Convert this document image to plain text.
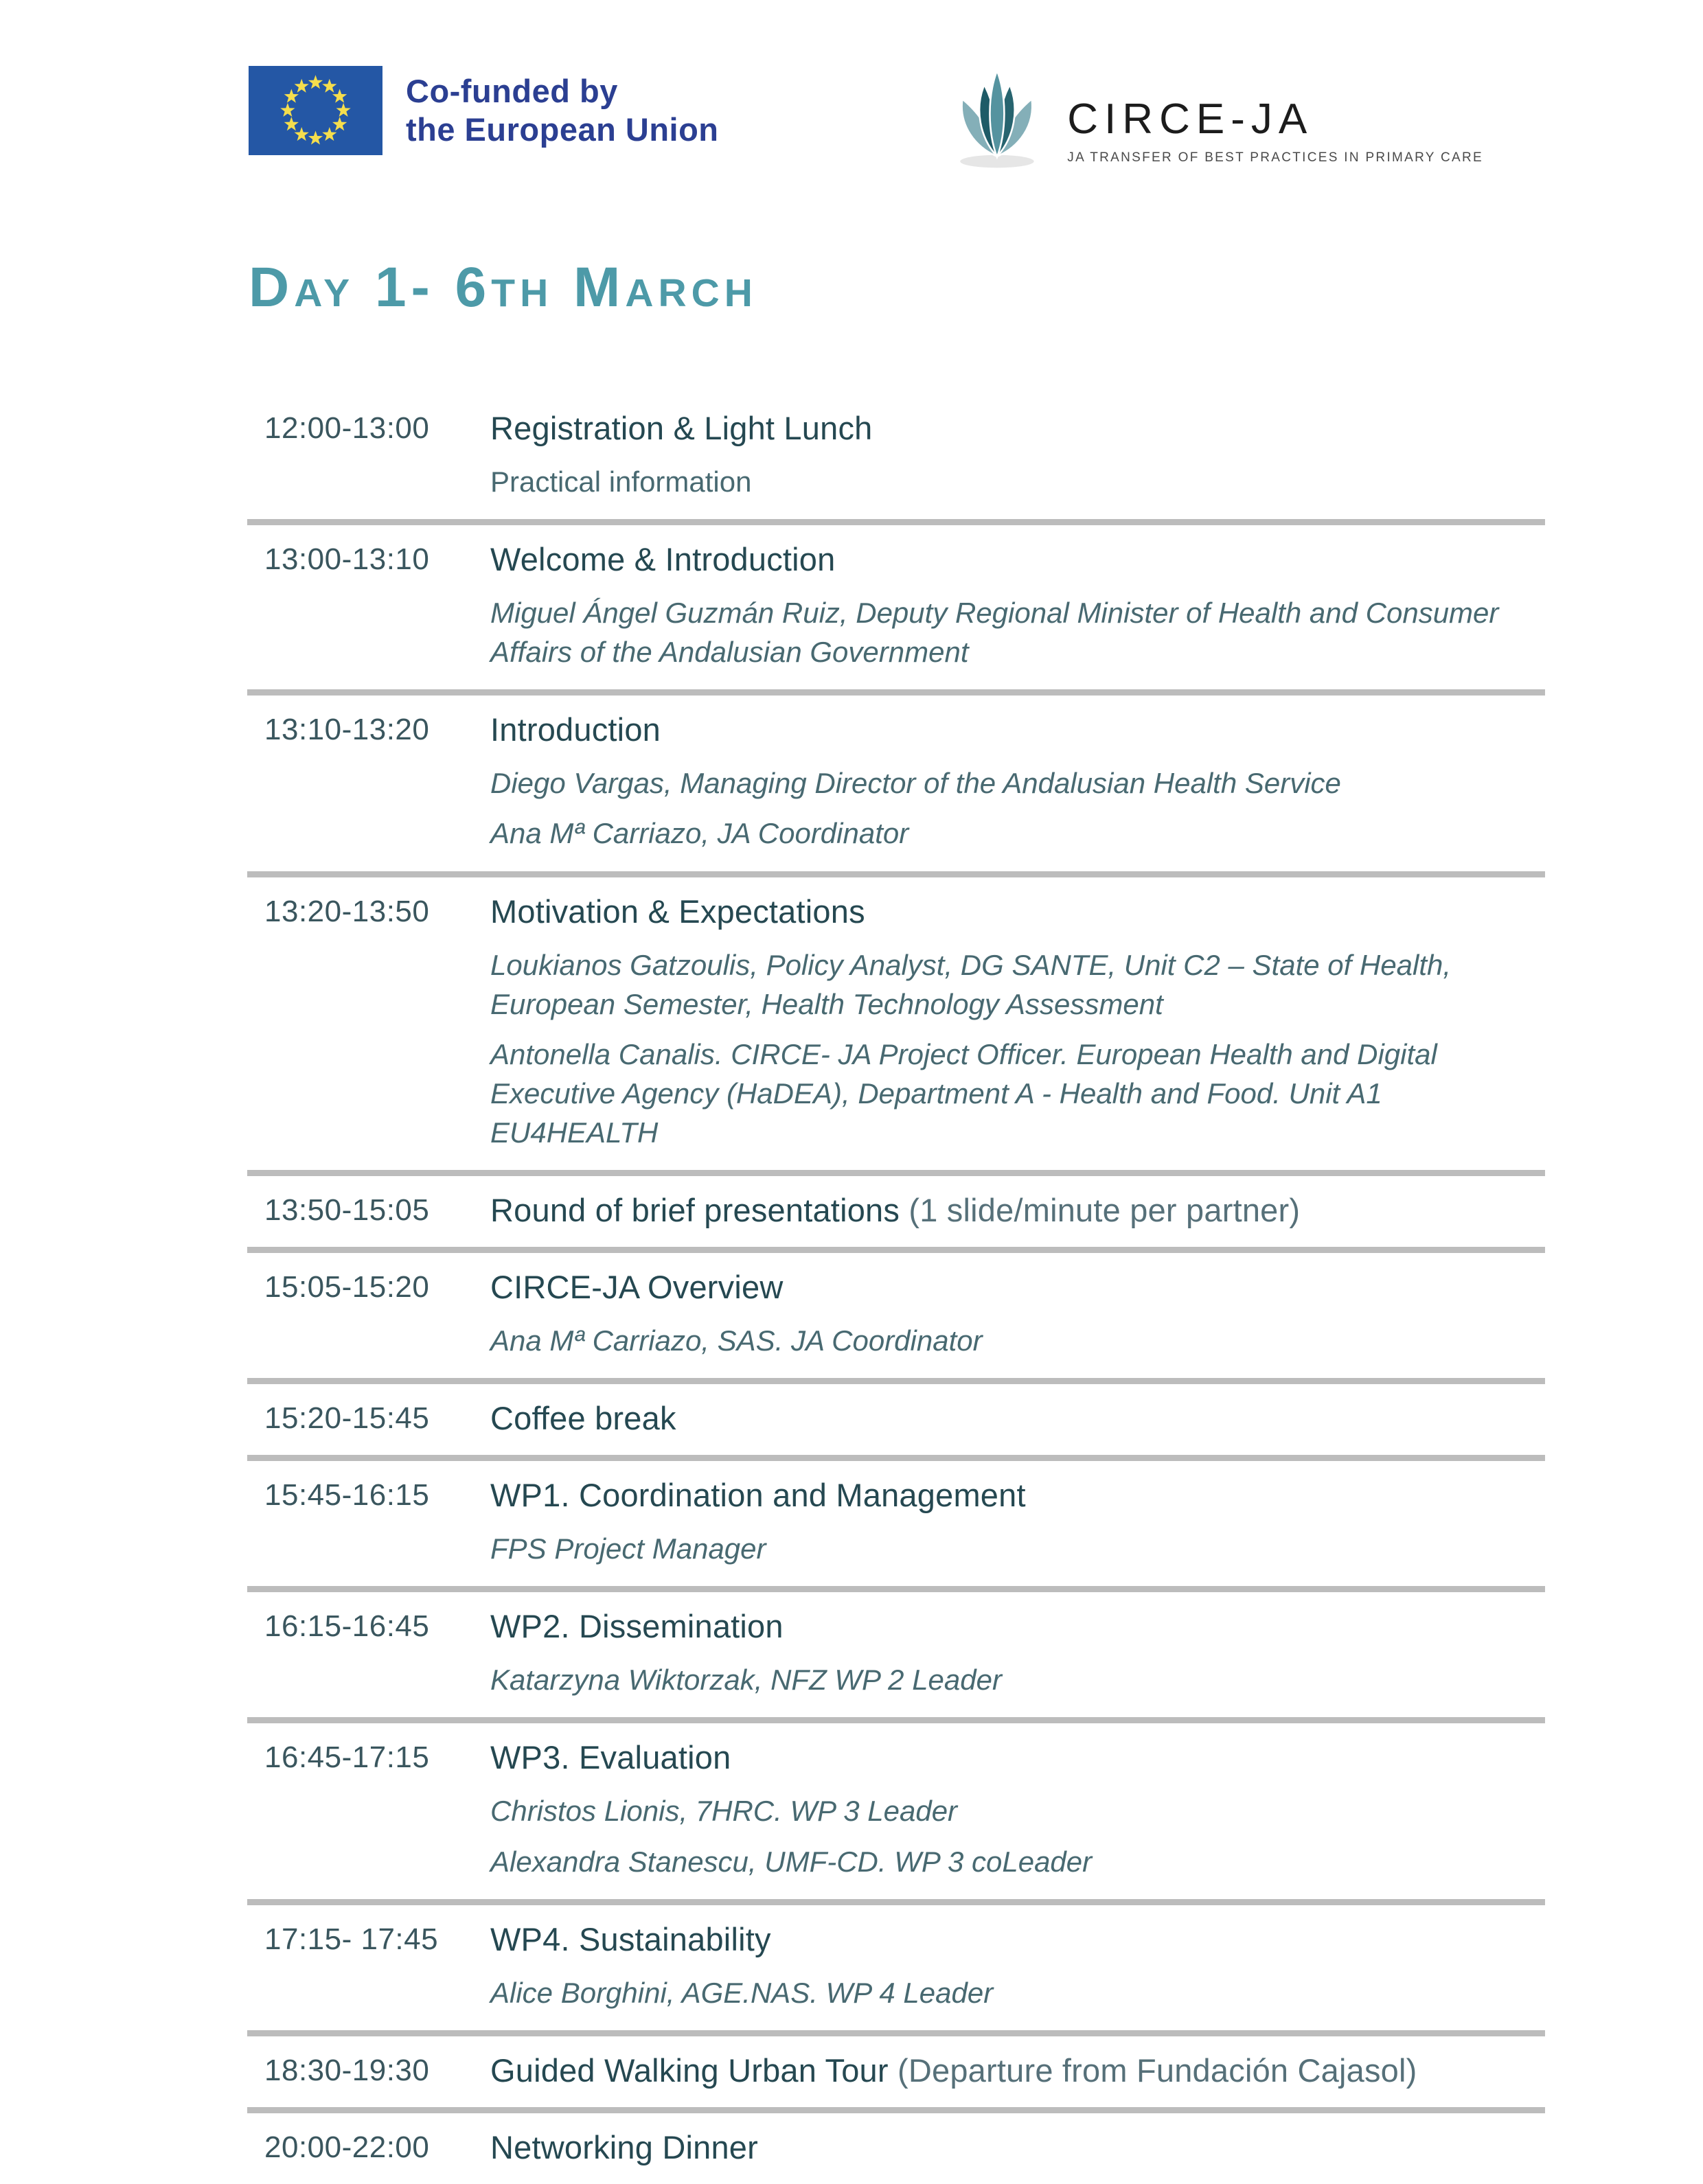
Co-funded by
the European Union	CIRCE-JA
JA TRANSFER OF BEST PRACTICES IN PRIMARY CARE
Day 1- 6th March
12:00-13:00	Registration & Light Lunch

Practical information

13:00-13:10	Welcome & Introduction

Miguel Ángel Guzmán Ruiz, Deputy Regional Minister of Health and Consumer Affairs of the Andalusian Government

13:10-13:20	Introduction

Diego Vargas, Managing Director of the Andalusian Health Service

Ana Mª Carriazo, JA Coordinator

13:20-13:50	Motivation & Expectations

Loukianos Gatzoulis, Policy Analyst, DG SANTE, Unit C2 – State of Health, European Semester, Health Technology Assessment

Antonella Canalis. CIRCE- JA Project Officer. European Health and Digital Executive Agency (HaDEA), Department A - Health and Food. Unit A1 EU4HEALTH

13:50-15:05	Round of brief presentations (1 slide/minute per partner)
15:05-15:20	CIRCE-JA Overview

Ana Mª Carriazo, SAS. JA Coordinator

15:20-15:45	Coffee break
15:45-16:15	WP1. Coordination and Management

FPS Project Manager

16:15-16:45	WP2. Dissemination

Katarzyna Wiktorzak, NFZ WP 2 Leader

16:45-17:15	WP3. Evaluation

Christos Lionis, 7HRC. WP 3 Leader

Alexandra Stanescu, UMF-CD. WP 3 coLeader

17:15- 17:45	WP4. Sustainability

Alice Borghini, AGE.NAS. WP 4 Leader

18:30-19:30	Guided Walking Urban Tour (Departure from Fundación Cajasol)
20:00-22:00	Networking Dinner
